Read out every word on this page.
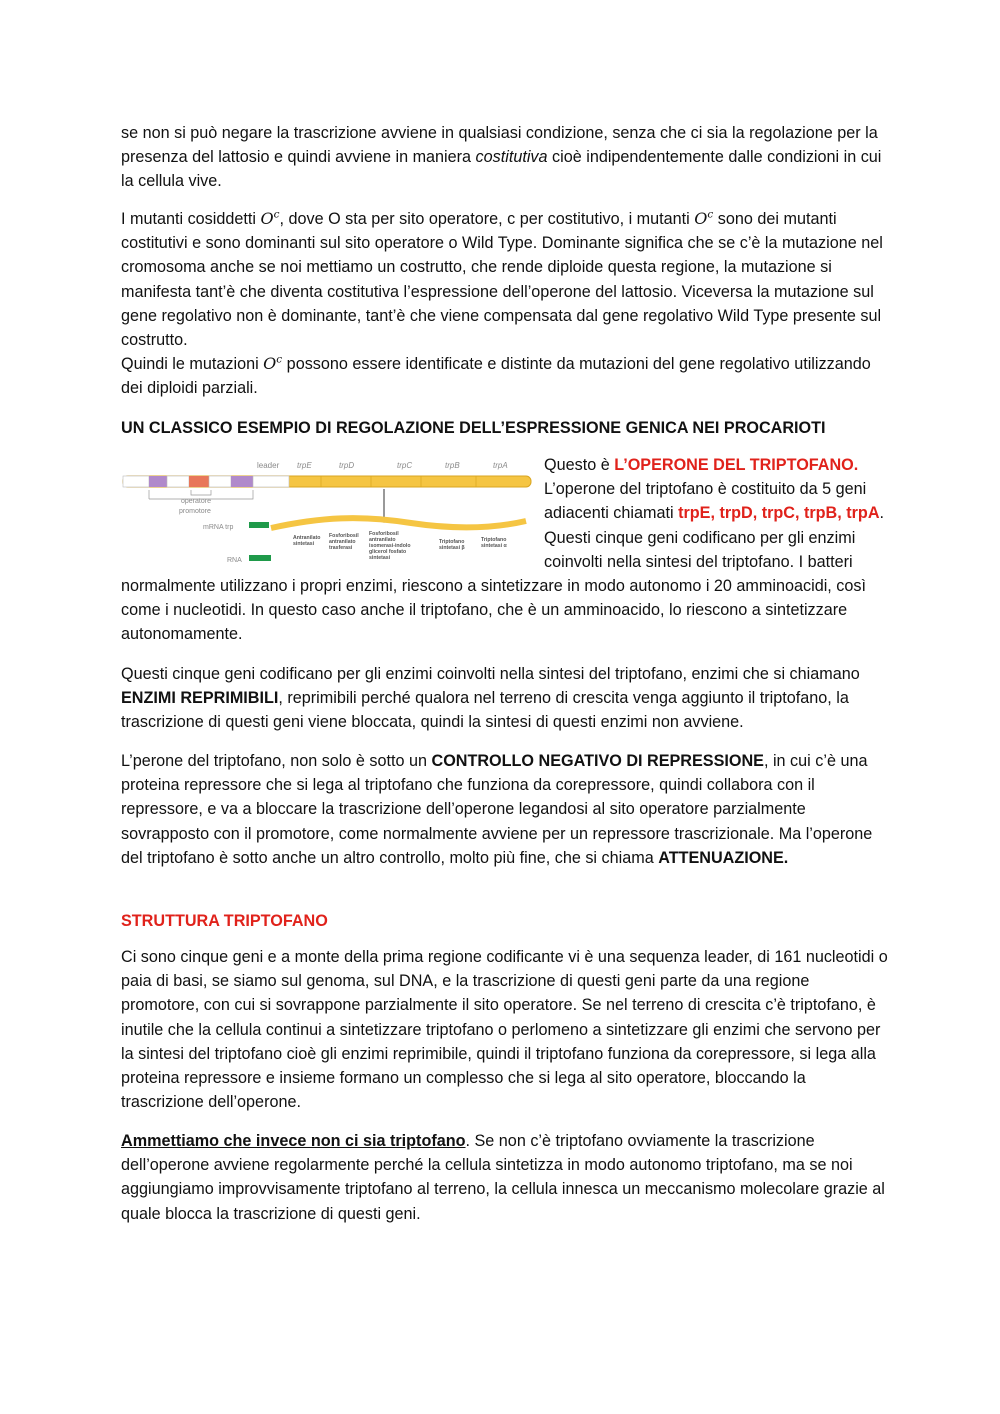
se non si può negare la trascrizione avviene in qualsiasi condizione, senza che ci sia la regolazione per la presenza del lattosio e quindi avviene in maniera costitutiva cioè indipendentemente dalle condizioni in cui la cellula vive.

I mutanti cosiddetti $O^c$, dove O sta per sito operatore, c per costitutivo, i mutanti $O^c$ sono dei mutanti costitutivi e sono dominanti sul sito operatore o Wild Type. Dominante significa che se c’è la mutazione nel cromosoma anche se noi mettiamo un costrutto, che rende diploide questa regione, la mutazione si manifesta tant’è che diventa costitutiva l’espressione dell’operone del lattosio. Viceversa la mutazione sul gene regolativo non è dominante, tant’è che viene compensata dal gene regolativo Wild Type presente sul costrutto.
Quindi le mutazioni $O^c$ possono essere identificate e distinte da mutazioni del gene regolativo utilizzando dei diploidi parziali.

UN CLASSICO ESEMPIO DI REGOLAZIONE DELL’ESPRESSIONE GENICA NEI PROCARIOTI
leader trpE	trpD	trpC	trpB	trpA
operatore
promotore
mRNA trp
RNA
Antranilato sintetasi
Fosforibosil antranilato trasferasi
Fosforibosil antranilato isomerasi-indolo glicerol fosfato sintetasi
Triptofano sintetasi β
Triptofano sintetasi α

Questo è L’OPERONE DEL TRIPTOFANO.
L’operone del triptofano è costituito da 5 geni adiacenti chiamati trpE, trpD, trpC, trpB, trpA. Questi cinque geni codificano per gli enzimi coinvolti nella sintesi del triptofano. I batteri normalmente utilizzano i propri enzimi, riescono a sintetizzare in modo autonomo i 20 amminoacidi, così come i nucleotidi. In questo caso anche il triptofano, che è un amminoacido, lo riescono a sintetizzare autonomamente.

Questi cinque geni codificano per gli enzimi coinvolti nella sintesi del triptofano, enzimi che si chiamano ENZIMI REPRIMIBILI, reprimibili perché qualora nel terreno di crescita venga aggiunto il triptofano, la trascrizione di questi geni viene bloccata, quindi la sintesi di questi enzimi non avviene.

L’perone del triptofano, non solo è sotto un CONTROLLO NEGATIVO DI REPRESSIONE, in cui c’è una proteina repressore che si lega al triptofano che funziona da corepressore, quindi collabora con il repressore, e va a bloccare la trascrizione dell’operone legandosi al sito operatore parzialmente sovrapposto con il promotore, come normalmente avviene per un repressore trascrizionale. Ma l’operone del triptofano è sotto anche un altro controllo, molto più fine, che si chiama ATTENUAZIONE.

STRUTTURA TRIPTOFANO

Ci sono cinque geni e a monte della prima regione codificante vi è una sequenza leader, di 161 nucleotidi o paia di basi, se siamo sul genoma, sul DNA, e la trascrizione di questi geni parte da una regione promotore, con cui si sovrappone parzialmente il sito operatore. Se nel terreno di crescita c’è triptofano, è inutile che la cellula continui a sintetizzare triptofano o perlomeno a sintetizzare gli enzimi che servono per la sintesi del triptofano cioè gli enzimi reprimibile, quindi il triptofano funziona da corepressore, si lega alla proteina repressore e insieme formano un complesso che si lega al sito operatore, bloccando la trascrizione dell’operone.

Ammettiamo che invece non ci sia triptofano. Se non c’è triptofano ovviamente la trascrizione dell’operone avviene regolarmente perché la cellula sintetizza in modo autonomo triptofano, ma se noi aggiungiamo improvvisamente triptofano al terreno, la cellula innesca un meccanismo molecolare grazie al quale blocca la trascrizione di questi geni.
